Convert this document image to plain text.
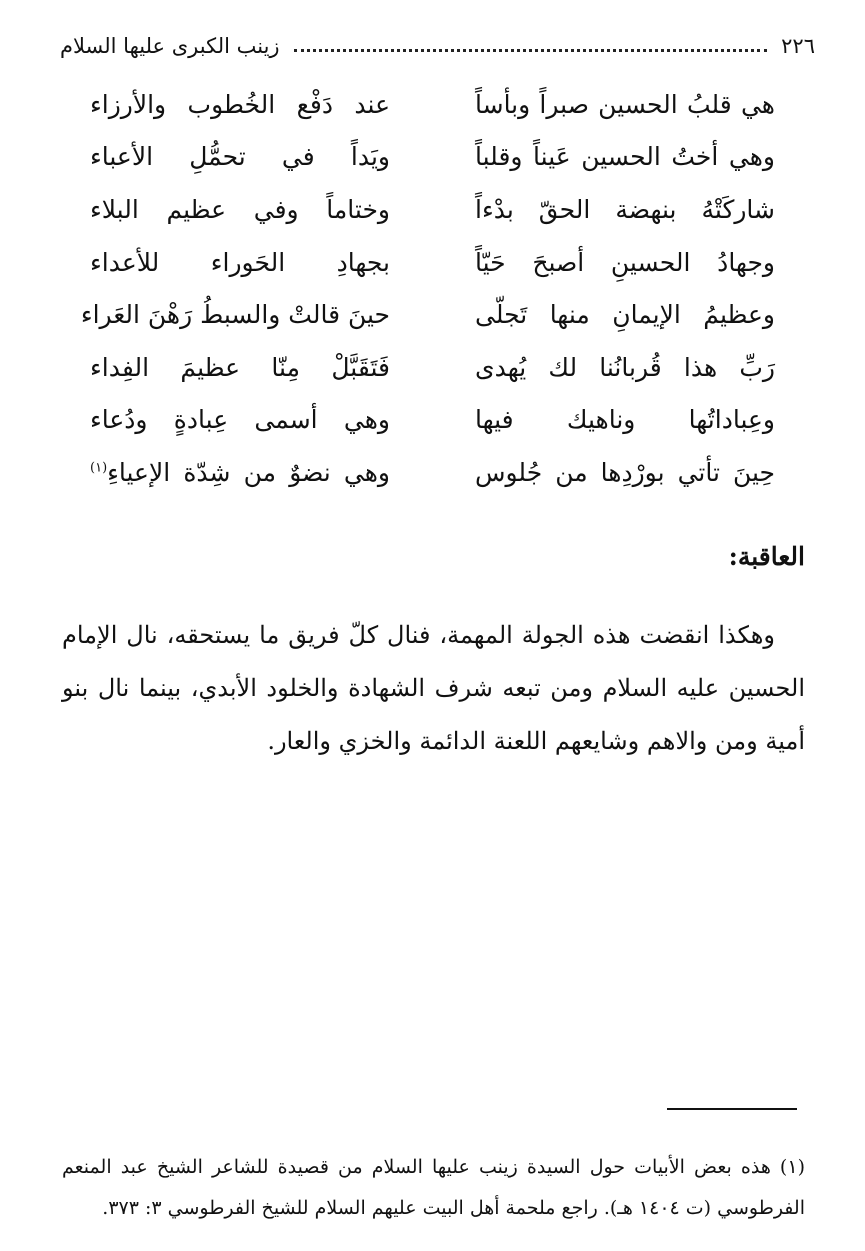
٢٢٦
زينب الكبرى عليها السلام
هي قلبُ الحسين صبراً وبأساً
عند دَفْع الخُطوب والأرزاء
وهي أختُ الحسين عَيناً وقلباً
ويَداً في تحمُّلِ الأعباء
شاركَتْهُ بنهضة الحقّ بدْءاً
وختاماً وفي عظيم البلاء
وجهادُ الحسينِ أصبحَ حَيّاً
بجهادِ الحَوراء للأعداء
وعظيمُ الإيمانِ منها تَجلّى
حينَ قالتْ والسبطُ رَهْنَ العَراء
رَبِّ هذا قُربانُنا لك يُهدى
فَتَقَبَّلْ مِنّا عظيمَ الفِداء
وعِباداتُها وناهيك فيها
وهي أسمى عِبادةٍ ودُعاء
حِينَ تأتي بورْدِها من جُلوس
وهي نضوٌ من شِدّة الإعياءِ$^{(١)}$
العاقبة:

وهكذا انقضت هذه الجولة المهمة، فنال كلّ فريق ما يستحقه، نال الإمام الحسين عليه السلام ومن تبعه شرف الشهادة والخلود الأبدي، بينما نال بنو أمية ومن والاهم وشايعهم اللعنة الدائمة والخزي والعار.

(١) هذه بعض الأبيات حول السيدة زينب عليها السلام من قصيدة للشاعر الشيخ عبد المنعم الفرطوسي (ت ١٤٠٤ هـ). راجع ملحمة أهل البيت عليهم السلام للشيخ الفرطوسي ٣: ٣٧٣.
